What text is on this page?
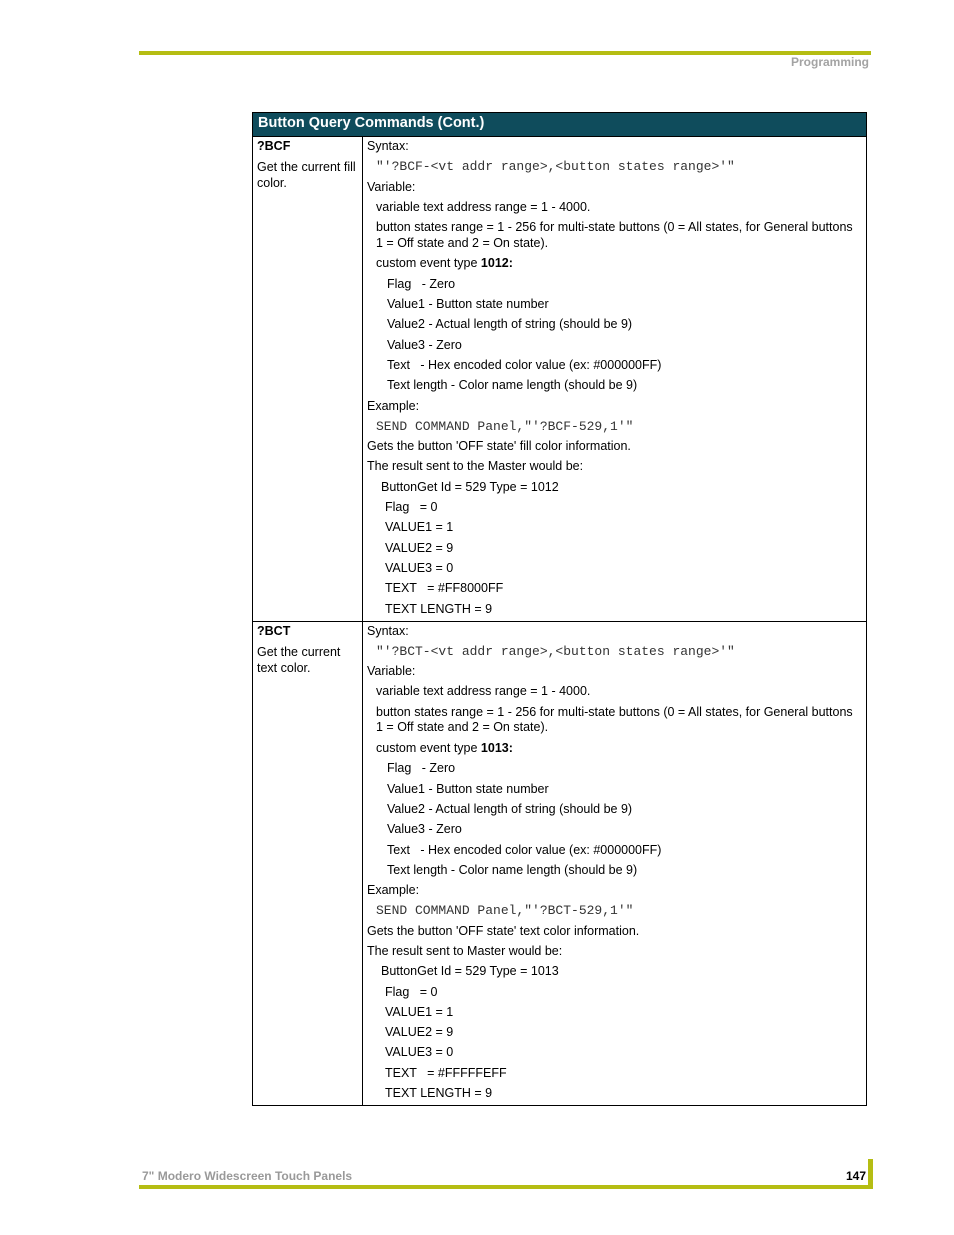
Programming
Button Query Commands (Cont.)
?BCF
Get the current fill color.
Syntax:
"'?BCF-<vt addr range>,<button states range>'"
Variable:
variable text address range = 1 - 4000.
button states range = 1 - 256 for multi-state buttons (0 = All states, for General buttons 1 = Off state and 2 = On state).
custom event type 1012:
Flag   - Zero
Value1 - Button state number
Value2 - Actual length of string (should be 9)
Value3 - Zero
Text   - Hex encoded color value (ex: #000000FF)
Text length - Color name length (should be 9)
Example:
SEND COMMAND Panel,"'?BCF-529,1'"
Gets the button 'OFF state' fill color information.
The result sent to the Master would be:
ButtonGet Id = 529 Type = 1012
Flag   = 0
VALUE1 = 1
VALUE2 = 9
VALUE3 = 0
TEXT   = #FF8000FF
TEXT LENGTH = 9
?BCT
Get the current text color.
Syntax:
"'?BCT-<vt addr range>,<button states range>'"
Variable:
variable text address range = 1 - 4000.
button states range = 1 - 256 for multi-state buttons (0 = All states, for General buttons 1 = Off state and 2 = On state).
custom event type 1013:
Flag   - Zero
Value1 - Button state number
Value2 - Actual length of string (should be 9)
Value3 - Zero
Text   - Hex encoded color value (ex: #000000FF)
Text length - Color name length (should be 9)
Example:
SEND COMMAND Panel,"'?BCT-529,1'"
Gets the button 'OFF state' text color information.
The result sent to Master would be:
ButtonGet Id = 529 Type = 1013
Flag   = 0
VALUE1 = 1
VALUE2 = 9
VALUE3 = 0
TEXT   = #FFFFFEFF
TEXT LENGTH = 9
7" Modero Widescreen Touch Panels	147
